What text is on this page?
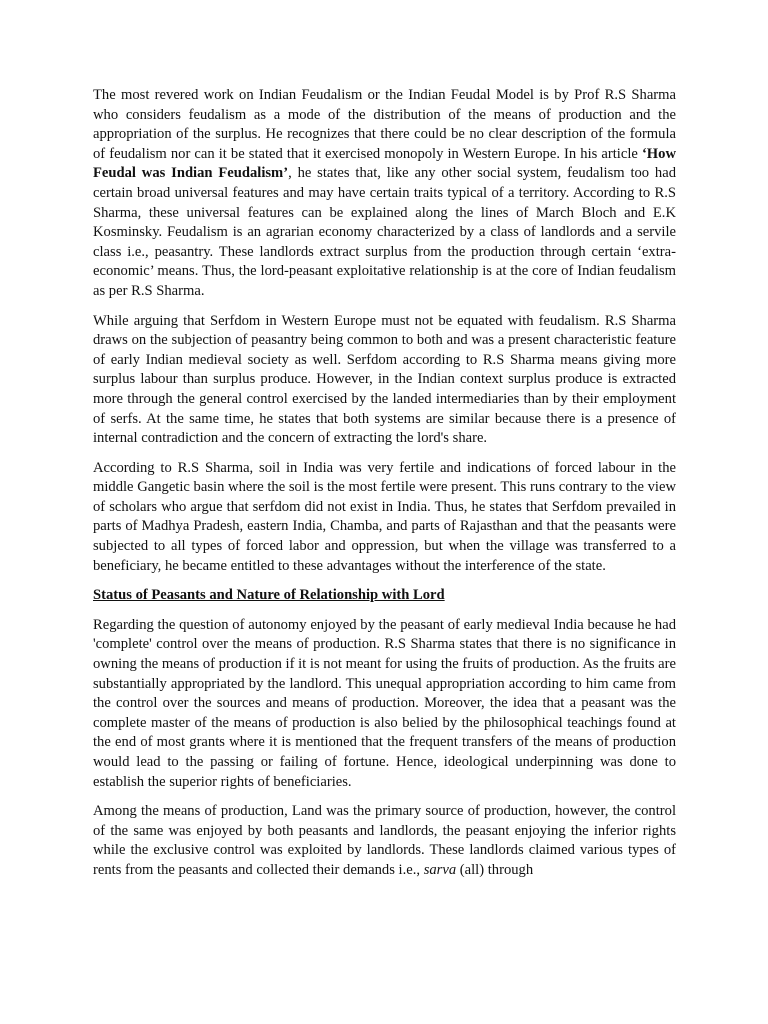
The most revered work on Indian Feudalism or the Indian Feudal Model is by Prof R.S Sharma who considers feudalism as a mode of the distribution of the means of production and the appropriation of the surplus. He recognizes that there could be no clear description of the formula of feudalism nor can it be stated that it exercised monopoly in Western Europe. In his article ‘How Feudal was Indian Feudalism’, he states that, like any other social system, feudalism too had certain broad universal features and may have certain traits typical of a territory. According to R.S Sharma, these universal features can be explained along the lines of March Bloch and E.K Kosminsky. Feudalism is an agrarian economy characterized by a class of landlords and a servile class i.e., peasantry. These landlords extract surplus from the production through certain ‘extra-economic’ means. Thus, the lord-peasant exploitative relationship is at the core of Indian feudalism as per R.S Sharma.

While arguing that Serfdom in Western Europe must not be equated with feudalism. R.S Sharma draws on the subjection of peasantry being common to both and was a present characteristic feature of early Indian medieval society as well. Serfdom according to R.S Sharma means giving more surplus labour than surplus produce. However, in the Indian context surplus produce is extracted more through the general control exercised by the landed intermediaries than by their employment of serfs. At the same time, he states that both systems are similar because there is a presence of internal contradiction and the concern of extracting the lord's share.

According to R.S Sharma, soil in India was very fertile and indications of forced labour in the middle Gangetic basin where the soil is the most fertile were present. This runs contrary to the view of scholars who argue that serfdom did not exist in India. Thus, he states that Serfdom prevailed in parts of Madhya Pradesh, eastern India, Chamba, and parts of Rajasthan and that the peasants were subjected to all types of forced labor and oppression, but when the village was transferred to a beneficiary, he became entitled to these advantages without the interference of the state.

Status of Peasants and Nature of Relationship with Lord

Regarding the question of autonomy enjoyed by the peasant of early medieval India because he had 'complete' control over the means of production. R.S Sharma states that there is no significance in owning the means of production if it is not meant for using the fruits of production. As the fruits are substantially appropriated by the landlord. This unequal appropriation according to him came from the control over the sources and means of production. Moreover, the idea that a peasant was the complete master of the means of production is also belied by the philosophical teachings found at the end of most grants where it is mentioned that the frequent transfers of the means of production would lead to the passing or failing of fortune. Hence, ideological underpinning was done to establish the superior rights of beneficiaries.

Among the means of production, Land was the primary source of production, however, the control of the same was enjoyed by both peasants and landlords, the peasant enjoying the inferior rights while the exclusive control was exploited by landlords. These landlords claimed various types of rents from the peasants and collected their demands i.e., sarva (all) through
